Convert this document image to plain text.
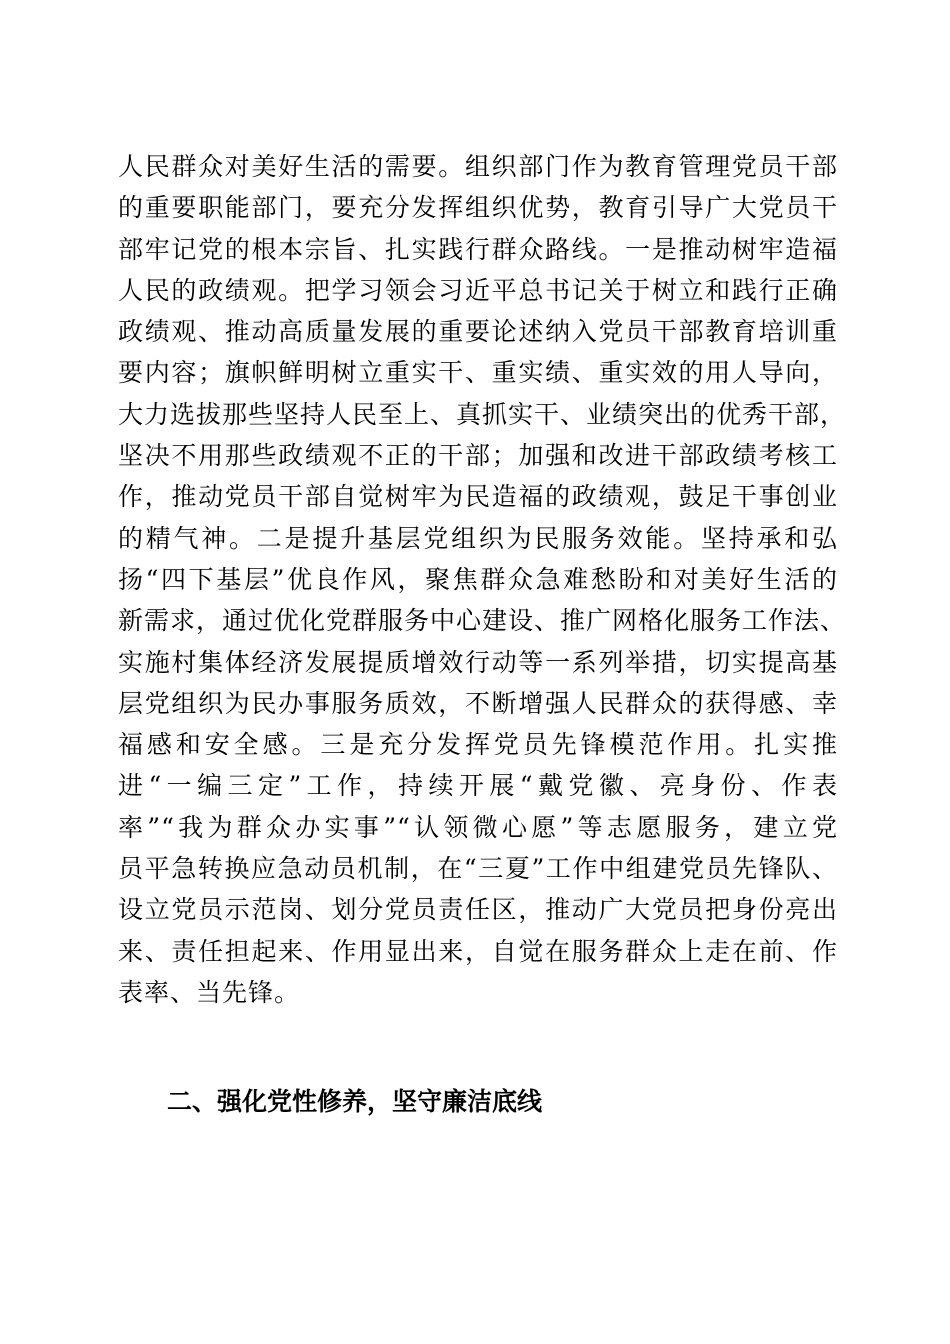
人民群众对美好生活的需要。组织部门作为教育管理党员干部
的重要职能部门，要充分发挥组织优势，教育引导广大党员干
部牢记党的根本宗旨、扎实践行群众路线。一是推动树牢造福
人民的政绩观。把学习领会习近平总书记关于树立和践行正确
政绩观、推动高质量发展的重要论述纳入党员干部教育培训重
要内容；旗帜鲜明树立重实干、重实绩、重实效的用人导向，
大力选拔那些坚持人民至上、真抓实干、业绩突出的优秀干部，
坚决不用那些政绩观不正的干部；加强和改进干部政绩考核工
作，推动党员干部自觉树牢为民造福的政绩观，鼓足干事创业
的精气神。二是提升基层党组织为民服务效能。坚持承和弘
扬“四下基层”优良作风，聚焦群众急难愁盼和对美好生活的
新需求，通过优化党群服务中心建设、推广网格化服务工作法、
实施村集体经济发展提质增效行动等一系列举措，切实提高基
层党组织为民办事服务质效，不断增强人民群众的获得感、幸
福感和安全感。三是充分发挥党员先锋模范作用。扎实推
进“一编三定”工作，持续开展“戴党徽、亮身份、作表
率”“我为群众办实事”“认领微心愿”等志愿服务，建立党
员平急转换应急动员机制，在“三夏”工作中组建党员先锋队、
设立党员示范岗、划分党员责任区，推动广大党员把身份亮出
来、责任担起来、作用显出来，自觉在服务群众上走在前、作
表率、当先锋。
二、强化党性修养，坚守廉洁底线
